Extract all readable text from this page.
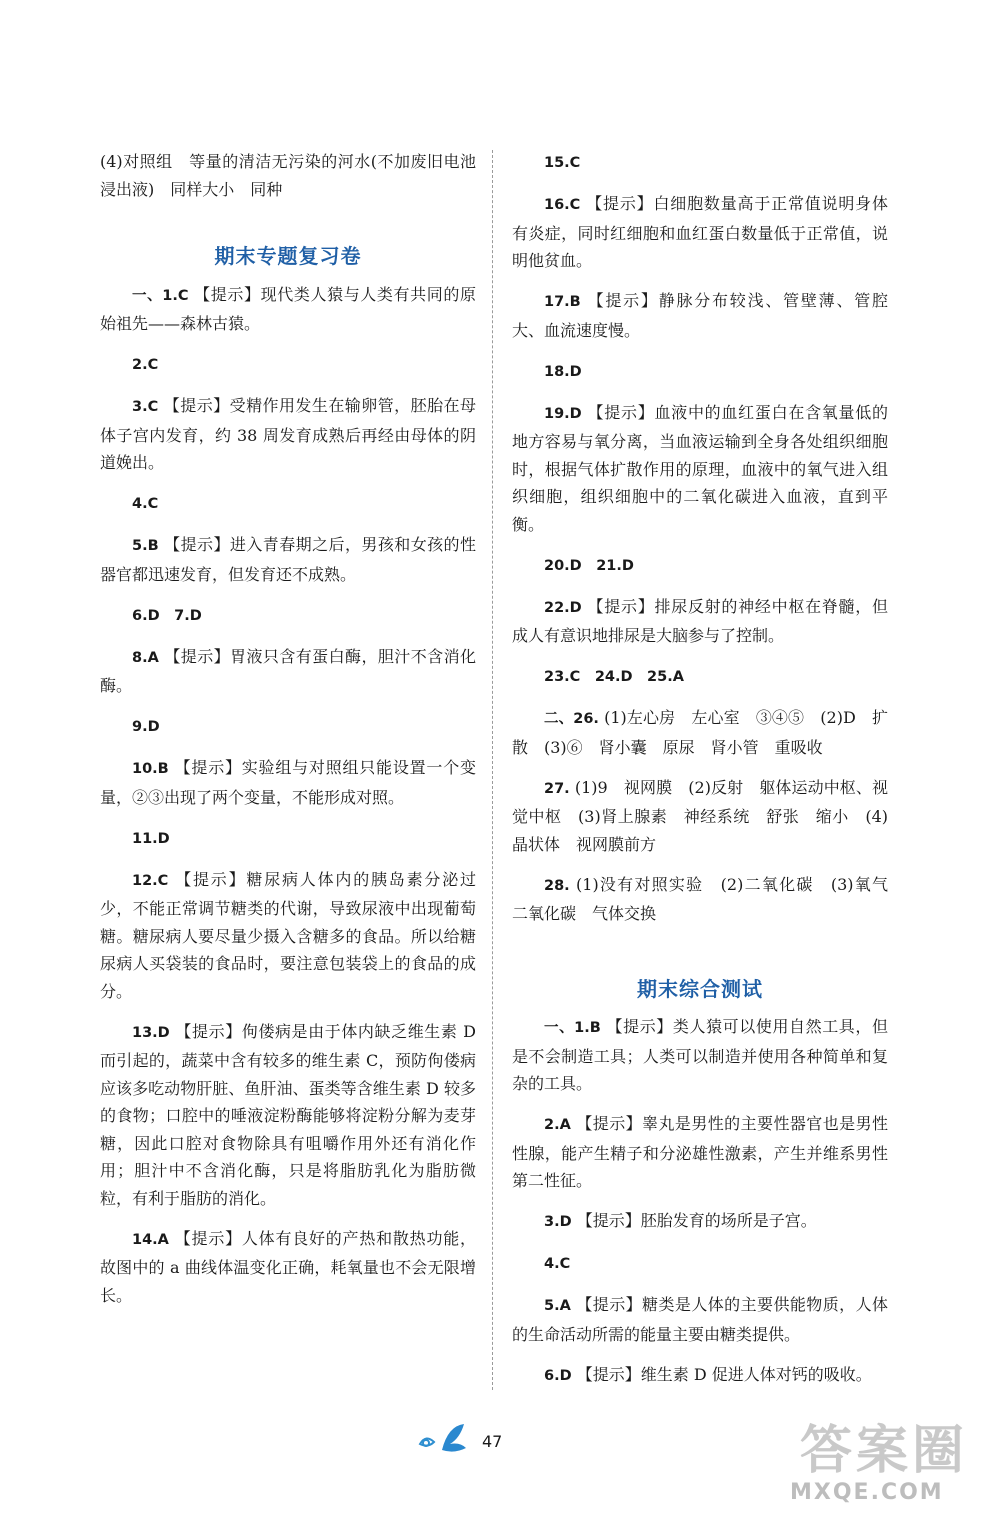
(4)对照组　等量的清洁无污染的河水(不加废旧电池浸出液)　同样大小　同种

期末专题复习卷

一、1.C 【提示】现代类人猿与人类有共同的原始祖先——森林古猿。

2.C

3.C 【提示】受精作用发生在输卵管，胚胎在母体子宫内发育，约 38 周发育成熟后再经由母体的阴道娩出。

4.C

5.B 【提示】进入青春期之后，男孩和女孩的性器官都迅速发育，但发育还不成熟。

6.D　7.D

8.A 【提示】胃液只含有蛋白酶，胆汁不含消化酶。

9.D

10.B 【提示】实验组与对照组只能设置一个变量，②③出现了两个变量，不能形成对照。

11.D

12.C 【提示】糖尿病人体内的胰岛素分泌过少，不能正常调节糖类的代谢，导致尿液中出现葡萄糖。糖尿病人要尽量少摄入含糖多的食品。所以给糖尿病人买袋装的食品时，要注意包装袋上的食品的成分。

13.D 【提示】佝偻病是由于体内缺乏维生素 D 而引起的，蔬菜中含有较多的维生素 C，预防佝偻病应该多吃动物肝脏、鱼肝油、蛋类等含维生素 D 较多的食物；口腔中的唾液淀粉酶能够将淀粉分解为麦芽糖，因此口腔对食物除具有咀嚼作用外还有消化作用；胆汁中不含消化酶，只是将脂肪乳化为脂肪微粒，有利于脂肪的消化。

14.A 【提示】人体有良好的产热和散热功能，故图中的 a 曲线体温变化正确，耗氧量也不会无限增长。

15.C

16.C 【提示】白细胞数量高于正常值说明身体有炎症，同时红细胞和血红蛋白数量低于正常值，说明他贫血。

17.B 【提示】静脉分布较浅、管壁薄、管腔大、血流速度慢。

18.D

19.D 【提示】血液中的血红蛋白在含氧量低的地方容易与氧分离，当血液运输到全身各处组织细胞时，根据气体扩散作用的原理，血液中的氧气进入组织细胞，组织细胞中的二氧化碳进入血液，直到平衡。

20.D　21.D

22.D 【提示】排尿反射的神经中枢在脊髓，但成人有意识地排尿是大脑参与了控制。

23.C　24.D　25.A

二、26. (1)左心房　左心室　③④⑤　(2)D　扩散　(3)⑥　肾小囊　原尿　肾小管　重吸收

27. (1)9　视网膜　(2)反射　躯体运动中枢、视觉中枢　(3)肾上腺素　神经系统　舒张　缩小　(4)晶状体　视网膜前方

28. (1)没有对照实验　(2)二氧化碳　(3)氧气　二氧化碳　气体交换

期末综合测试

一、1.B 【提示】类人猿可以使用自然工具，但是不会制造工具；人类可以制造并使用各种简单和复杂的工具。

2.A 【提示】睾丸是男性的主要性器官也是男性性腺，能产生精子和分泌雄性激素，产生并维系男性第二性征。

3.D 【提示】胚胎发育的场所是子宫。

4.C

5.A 【提示】糖类是人体的主要供能物质，人体的生命活动所需的能量主要由糖类提供。

6.D 【提示】维生素 D 促进人体对钙的吸收。

47	答案圈
MXQE.COM
